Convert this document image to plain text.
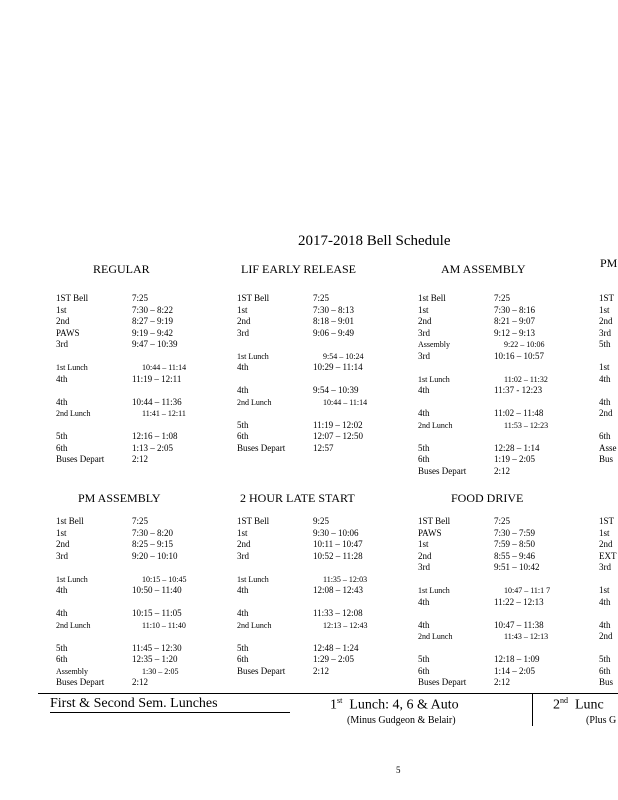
2017-2018 Bell Schedule
REGULAR	LIF EARLY RELEASE	AM ASSEMBLY	PM
PM ASSEMBLY	2 HOUR LATE START	FOOD DRIVE
1ST Bell	7:25
1st	7:30 – 8:22
2nd	8:27 – 9:19
PAWS	9:19 – 9:42
3rd	9:47 – 10:39
1st Lunch	10:44 – 11:14
4th	11:19 – 12:11
4th	10:44 – 11:36
2nd Lunch	11:41 – 12:11
5th	12:16 – 1:08
6th	1:13 – 2:05
Buses Depart	2:12
1ST Bell	7:25
1st	7:30 – 8:13
2nd	8:18 – 9:01
3rd	9:06 – 9:49
1st Lunch	9:54 – 10:24
4th	10:29 – 11:14
4th	9:54 – 10:39
2nd Lunch	10:44 – 11:14
5th	11:19 – 12:02
6th	12:07 – 12:50
Buses Depart	12:57
1st Bell	7:25
1st	7:30 – 8:16
2nd	8:21 – 9:07
3rd	9:12 – 9:13
Assembly	9:22 – 10:06
3rd	10:16 – 10:57
1st Lunch	11:02 – 11:32
4th	11:37 - 12:23
4th	11:02 – 11:48
2nd Lunch	11:53 – 12:23
5th	12:28 – 1:14
6th	1:19 – 2:05
Buses Depart	2:12
1st Bell	7:25
1st	7:30 – 8:20
2nd	8:25 – 9:15
3rd	9:20 – 10:10
1st Lunch	10:15 – 10:45
4th	10:50 – 11:40
4th	10:15 – 11:05
2nd Lunch	11:10 – 11:40
5th	11:45 – 12:30
6th	12:35 – 1:20
Assembly	1:30 – 2:05
Buses Depart	2:12
1ST Bell	9:25
1st	9:30 – 10:06
2nd	10:11 – 10:47
3rd	10:52 – 11:28
1st Lunch	11:35 – 12:03
4th	12:08 – 12:43
4th	11:33 – 12:08
2nd Lunch	12:13 – 12:43
5th	12:48 – 1:24
6th	1:29 – 2:05
Buses Depart	2:12
1ST Bell	7:25
PAWS	7:30 – 7:59
1st	7:59 – 8:50
2nd	8:55 – 9:46
3rd	9:51 – 10:42
1st Lunch	10:47 – 11:1 7
4th	11:22 – 12:13
4th	10:47 – 11:38
2nd Lunch	11:43 – 12:13
5th	12:18 – 1:09
6th	1:14 – 2:05
Buses Depart	2:12
1ST
1st
2nd
3rd
5th
1st
4th
4th
2nd
6th
Asse
Bus
1ST
1st
2nd
EXT
3rd
1st
4th
4th
2nd
5th
6th
Bus
First & Second Sem. Lunches	1st  Lunch: 4, 6 & Auto
(Minus Gudgeon & Belair)
2nd  Lunc
(Plus G
5
